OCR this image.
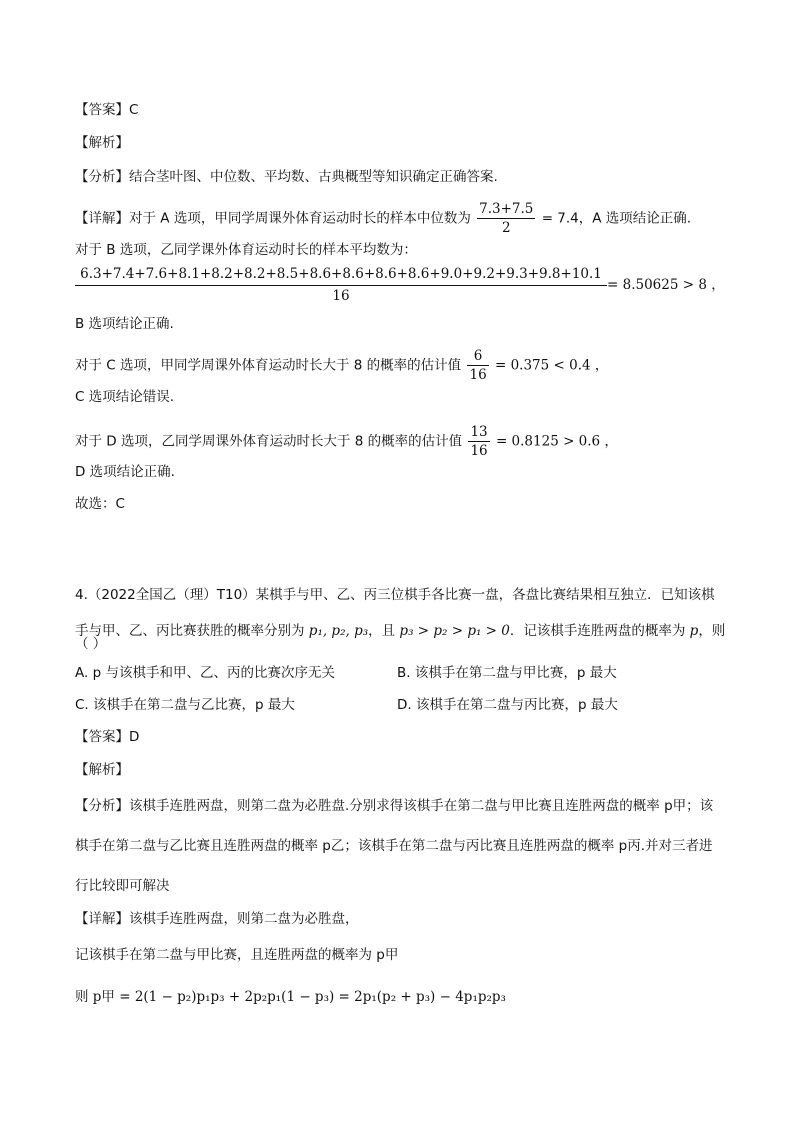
【答案】C
【解析】
【分析】结合茎叶图、中位数、平均数、古典概型等知识确定正确答案.
【详解】对于 A 选项，甲同学周课外体育运动时长的样本中位数为 $\frac{7.3+7.5}{2} = 7.4$，A 选项结论正确.
对于 B 选项，乙同学课外体育运动时长的样本平均数为：
6.3+7.4+7.6+8.1+8.2+8.2+8.5+8.6+8.6+8.6+8.6+9.0+9.2+9.3+9.8+10.1
16
= 8.50625 > 8 ，
B 选项结论正确.
对于 C 选项，甲同学周课外体育运动时长大于 8 的概率的估计值 $\frac{6}{16} = 0.375 < 0.4$ ，
C 选项结论错误.
对于 D 选项，乙同学周课外体育运动时长大于 8 的概率的估计值 $\frac{13}{16} = 0.8125 > 0.6$ ，
D 选项结论正确.
故选：C
4.（2022全国乙（理）T10）某棋手与甲、乙、丙三位棋手各比赛一盘，各盘比赛结果相互独立．已知该棋
手与甲、乙、丙比赛获胜的概率分别为 p₁, p₂, p₃，且 p₃ > p₂ > p₁ > 0．记该棋手连胜两盘的概率为 p，则
（ ）
A. p 与该棋手和甲、乙、丙的比赛次序无关	B. 该棋手在第二盘与甲比赛，p 最大
C. 该棋手在第二盘与乙比赛，p 最大	D. 该棋手在第二盘与丙比赛，p 最大
【答案】D
【解析】
【分析】该棋手连胜两盘，则第二盘为必胜盘.分别求得该棋手在第二盘与甲比赛且连胜两盘的概率 p甲；该
棋手在第二盘与乙比赛且连胜两盘的概率 p乙；该棋手在第二盘与丙比赛且连胜两盘的概率 p丙.并对三者进
行比较即可解决
【详解】该棋手连胜两盘，则第二盘为必胜盘，
记该棋手在第二盘与甲比赛，且连胜两盘的概率为 p甲
则 p甲 = 2(1 − p₂)p₁p₃ + 2p₂p₁(1 − p₃) = 2p₁(p₂ + p₃) − 4p₁p₂p₃
